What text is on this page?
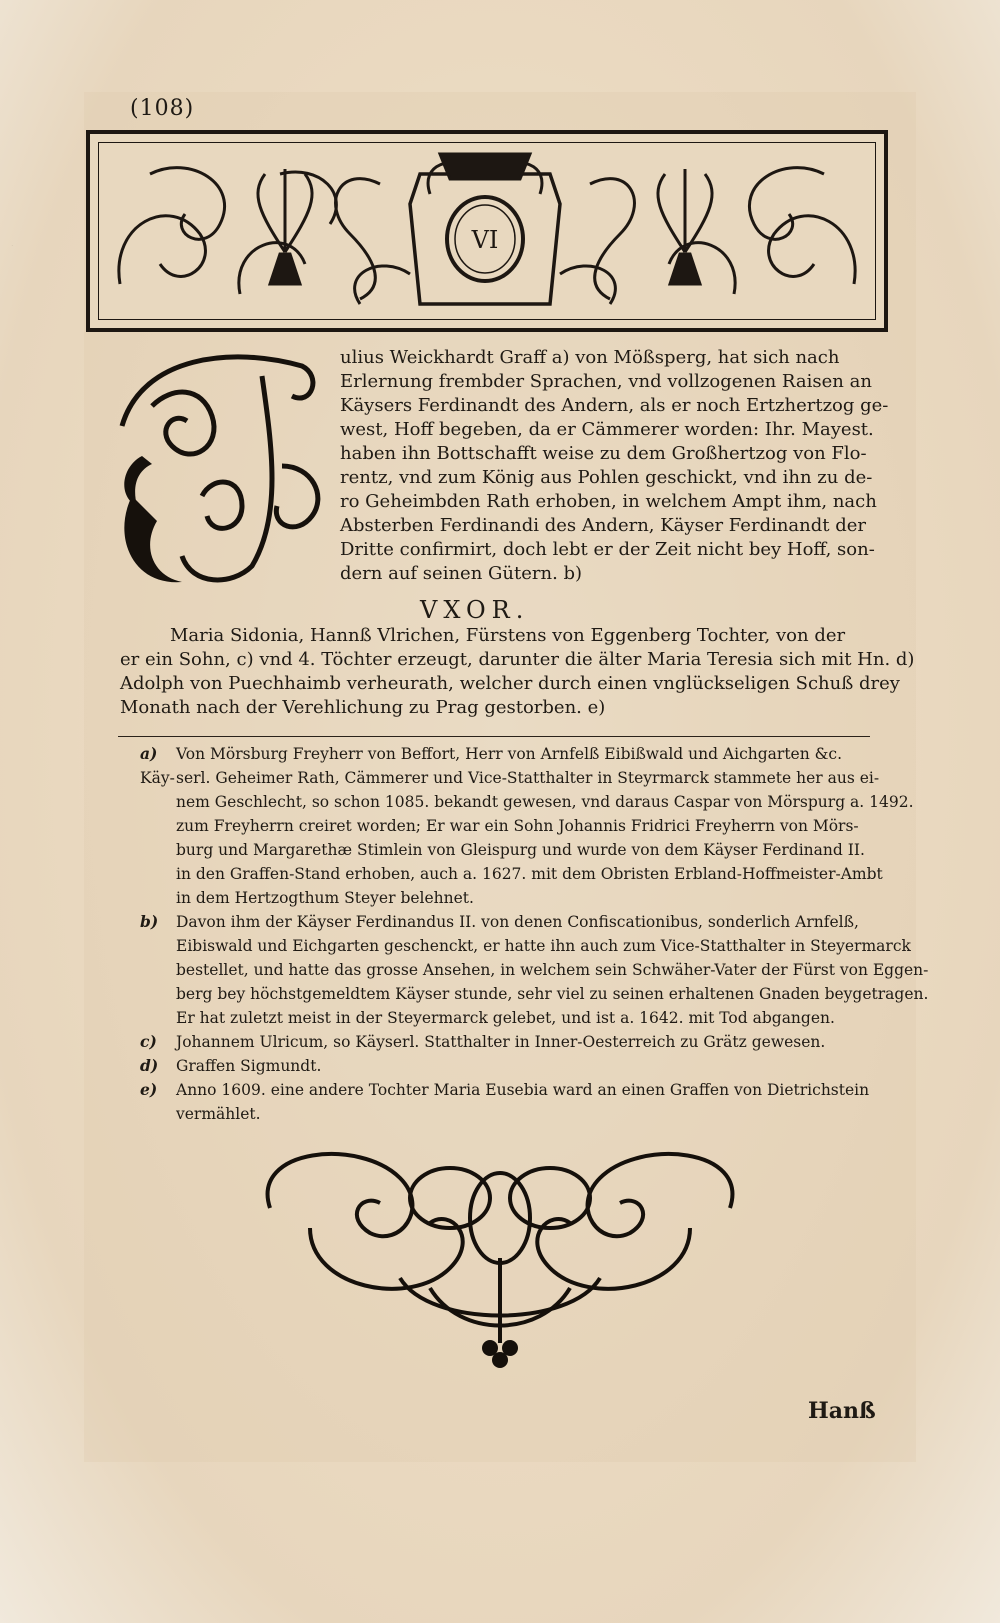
(108)
VI
J
ulius Weickhardt Graff a) von Mößsperg, hat sich nach
Erlernung frembder Sprachen, vnd vollzogenen Raisen an
Käysers Ferdinandt des Andern, als er noch Ertzhertzog ge-
west, Hoff begeben, da er Cämmerer worden: Ihr. Mayest.
haben ihn Bottschafft weise zu dem Großhertzog von Flo-
rentz, vnd zum König aus Pohlen geschickt, vnd ihn zu de-
ro Geheimbden Rath erhoben, in welchem Ampt ihm, nach
Absterben Ferdinandi des Andern, Käyser Ferdinandt der
Dritte confirmirt, doch lebt er der Zeit nicht bey Hoff, son-
dern auf seinen Gütern. b)
VXOR.
Maria Sidonia, Hannß Vlrichen, Fürstens von Eggenberg Tochter, von der
er ein Sohn, c) vnd 4. Töchter erzeugt, darunter die älter Maria Teresia sich mit Hn. d)
Adolph von Puechhaimb verheurath, welcher durch einen vnglückseligen Schuß drey
Monath nach der Verehlichung zu Prag gestorben. e)
a) Von Mörsburg Freyherr von Beffort, Herr von Arnfelß Eibißwald und Aichgarten &c. Käy- serl. Geheimer Rath, Cämmerer und Vice-Statthalter in Steyrmarck stammete her aus ei-
nem Geschlecht, so schon 1085. bekandt gewesen, vnd daraus Caspar von Mörspurg a. 1492.
zum Freyherrn creiret worden; Er war ein Sohn Johannis Fridrici Freyherrn von Mörs-
burg und Margarethæ Stimlein von Gleispurg und wurde von dem Käyser Ferdinand II.
in den Graffen-Stand erhoben, auch a. 1627. mit dem Obristen Erbland-Hoffmeister-Ambt
in dem Hertzogthum Steyer belehnet.
b) Davon ihm der Käyser Ferdinandus II. von denen Confiscationibus, sonderlich Arnfelß,
Eibiswald und Eichgarten geschenckt, er hatte ihn auch zum Vice-Statthalter in Steyermarck
bestellet, und hatte das grosse Ansehen, in welchem sein Schwäher-Vater der Fürst von Eggen-
berg bey höchstgemeldtem Käyser stunde, sehr viel zu seinen erhaltenen Gnaden beygetragen.
Er hat zuletzt meist in der Steyermarck gelebet, und ist a. 1642. mit Tod abgangen.
c) Johannem Ulricum, so Käyserl. Statthalter in Inner-Oesterreich zu Grätz gewesen.
d) Graffen Sigmundt.
e) Anno 1609. eine andere Tochter Maria Eusebia ward an einen Graffen von Dietrichstein
vermählet.
Hanß
